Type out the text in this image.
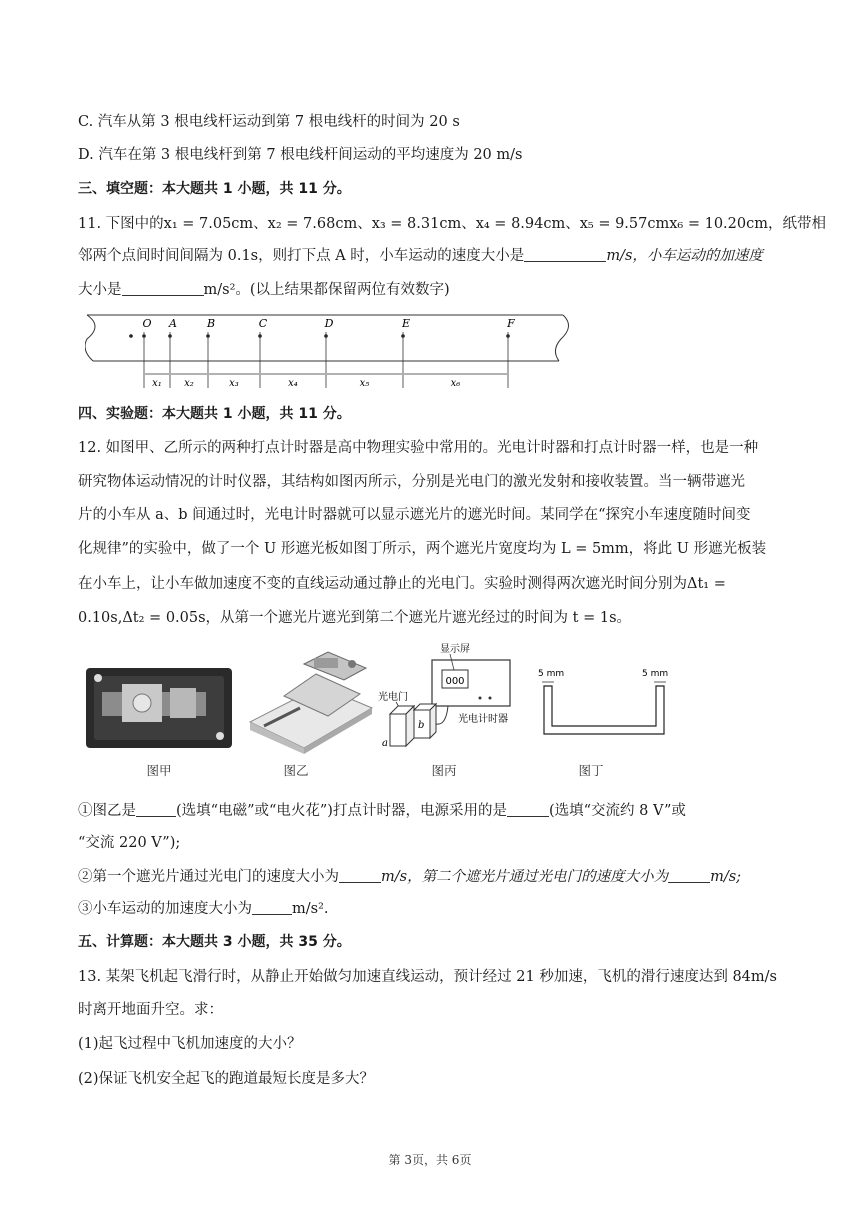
C. 汽车从第 3 根电线杆运动到第 7 根电线杆的时间为 20 s
D. 汽车在第 3 根电线杆到第 7 根电线杆间运动的平均速度为 20 m/s
三、填空题：本大题共 1 小题，共 11 分。
11. 下图中的x₁ = 7.05cm、x₂ = 7.68cm、x₃ = 8.31cm、x₄ = 8.94cm、x₅ = 9.57cmx₆ = 10.20cm，纸带相
邻两个点间时间间隔为 0.1s，则打下点 A 时，小车运动的速度大小是	m/s，小车运动的加速度
大小是	m/s²。(以上结果都保留两位有效数字)
O A	B	C	D	E	F
x₁ x₂	x₃	x₄	x₅	x₆
四、实验题：本大题共 1 小题，共 11 分。
12. 如图甲、乙所示的两种打点计时器是高中物理实验中常用的。光电计时器和打点计时器一样，也是一种
研究物体运动情况的计时仪器，其结构如图丙所示，分别是光电门的激光发射和接收装置。当一辆带遮光
片的小车从 a、b 间通过时，光电计时器就可以显示遮光片的遮光时间。某同学在“探究小车速度随时间变
化规律”的实验中，做了一个 U 形遮光板如图丁所示，两个遮光片宽度均为 L = 5mm，将此 U 形遮光板装
在小车上，让小车做加速度不变的直线运动通过静止的光电门。实验时测得两次遮光时间分别为Δt₁ =
0.10s,Δt₂ = 0.05s，从第一个遮光片遮光到第二个遮光片遮光经过的时间为 t = 1s。
图甲	图乙
000
显示屏
光电门
a
b
光电计时器
图丙
5 mm	5 mm
图丁
①图乙是	(选填“电磁”或“电火花”)打点计时器，电源采用的是	(选填“交流约 8 V”或
“交流 220 V”);
②第一个遮光片通过光电门的速度大小为	m/s，第二个遮光片通过光电门的速度大小为	m/s;
③小车运动的加速度大小为	m/s².
五、计算题：本大题共 3 小题，共 35 分。
13. 某架飞机起飞滑行时，从静止开始做匀加速直线运动，预计经过 21 秒加速，飞机的滑行速度达到 84m/s
时离开地面升空。求：
(1)起飞过程中飞机加速度的大小？
(2)保证飞机安全起飞的跑道最短长度是多大？
第 3页，共 6页
